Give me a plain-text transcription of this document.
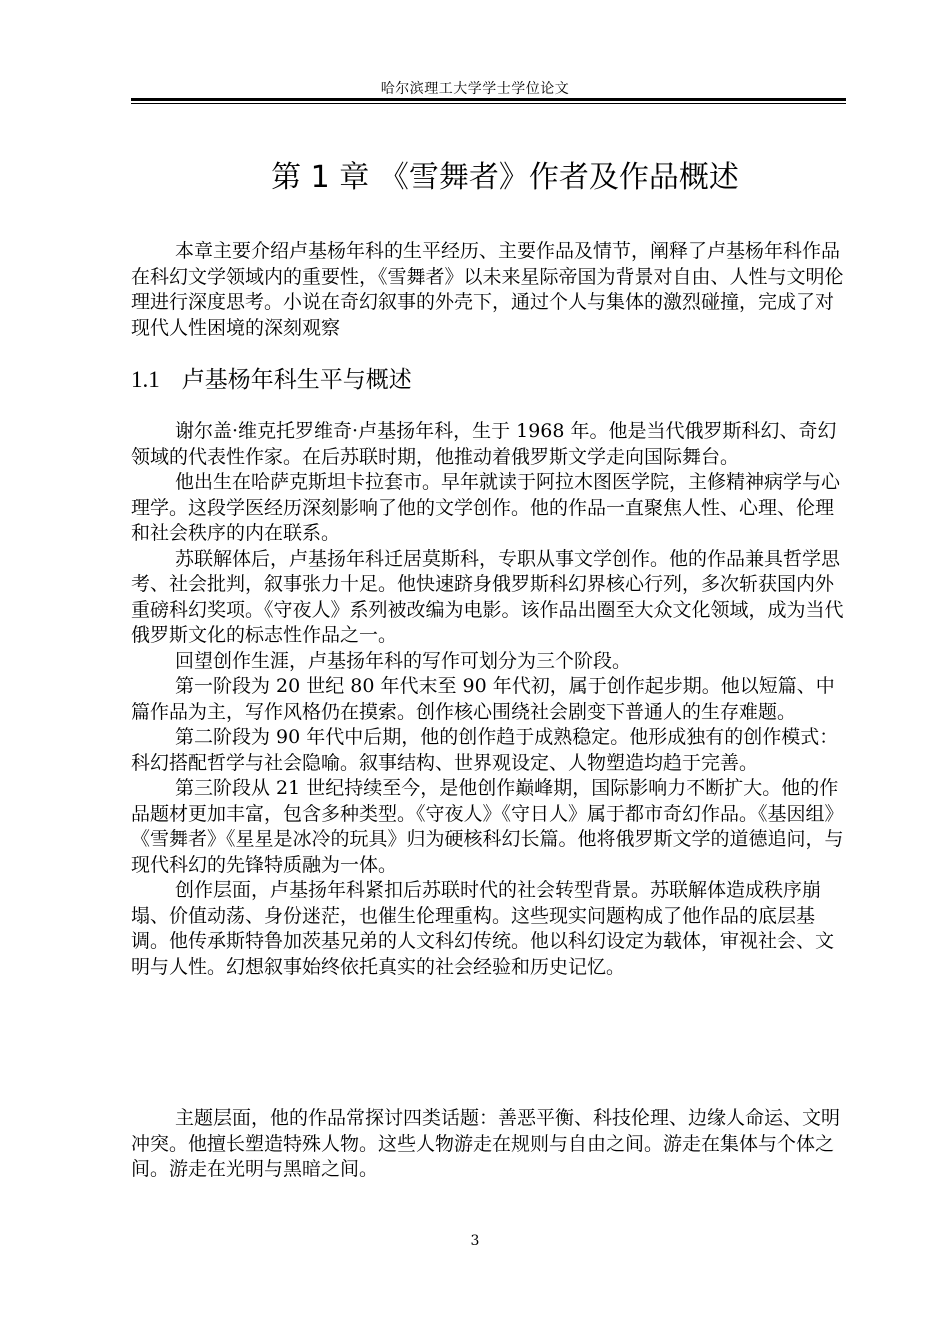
哈尔滨理工大学学士学位论文
第 1 章 《雪舞者》作者及作品概述

本章主要介绍卢基杨年科的生平经历、主要作品及情节，阐释了卢基杨年科作品在科幻文学领域内的重要性，《雪舞者》以未来星际帝国为背景对自由、人性与文明伦理进行深度思考。小说在奇幻叙事的外壳下，通过个人与集体的激烈碰撞，完成了对现代人性困境的深刻观察

1.1 卢基杨年科生平与概述

谢尔盖·维克托罗维奇·卢基扬年科，生于 1968 年。他是当代俄罗斯科幻、奇幻领域的代表性作家。在后苏联时期，他推动着俄罗斯文学走向国际舞台。

他出生在哈萨克斯坦卡拉套市。早年就读于阿拉木图医学院，主修精神病学与心理学。这段学医经历深刻影响了他的文学创作。他的作品一直聚焦人性、心理、伦理和社会秩序的内在联系。

苏联解体后，卢基扬年科迁居莫斯科，专职从事文学创作。他的作品兼具哲学思考、社会批判，叙事张力十足。他快速跻身俄罗斯科幻界核心行列，多次斩获国内外重磅科幻奖项。《守夜人》系列被改编为电影。该作品出圈至大众文化领域，成为当代俄罗斯文化的标志性作品之一。

回望创作生涯，卢基扬年科的写作可划分为三个阶段。

第一阶段为 20 世纪 80 年代末至 90 年代初，属于创作起步期。他以短篇、中篇作品为主，写作风格仍在摸索。创作核心围绕社会剧变下普通人的生存难题。

第二阶段为 90 年代中后期，他的创作趋于成熟稳定。他形成独有的创作模式：科幻搭配哲学与社会隐喻。叙事结构、世界观设定、人物塑造均趋于完善。

第三阶段从 21 世纪持续至今，是他创作巅峰期，国际影响力不断扩大。他的作品题材更加丰富，包含多种类型。《守夜人》《守日人》属于都市奇幻作品。《基因组》《雪舞者》《星星是冰冷的玩具》归为硬核科幻长篇。他将俄罗斯文学的道德追问，与现代科幻的先锋特质融为一体。

创作层面，卢基扬年科紧扣后苏联时代的社会转型背景。苏联解体造成秩序崩塌、价值动荡、身份迷茫，也催生伦理重构。这些现实问题构成了他作品的底层基调。他传承斯特鲁加茨基兄弟的人文科幻传统。他以科幻设定为载体，审视社会、文明与人性。幻想叙事始终依托真实的社会经验和历史记忆。

主题层面，他的作品常探讨四类话题：善恶平衡、科技伦理、边缘人命运、文明冲突。他擅长塑造特殊人物。这些人物游走在规则与自由之间。游走在集体与个体之间。游走在光明与黑暗之间。

3
